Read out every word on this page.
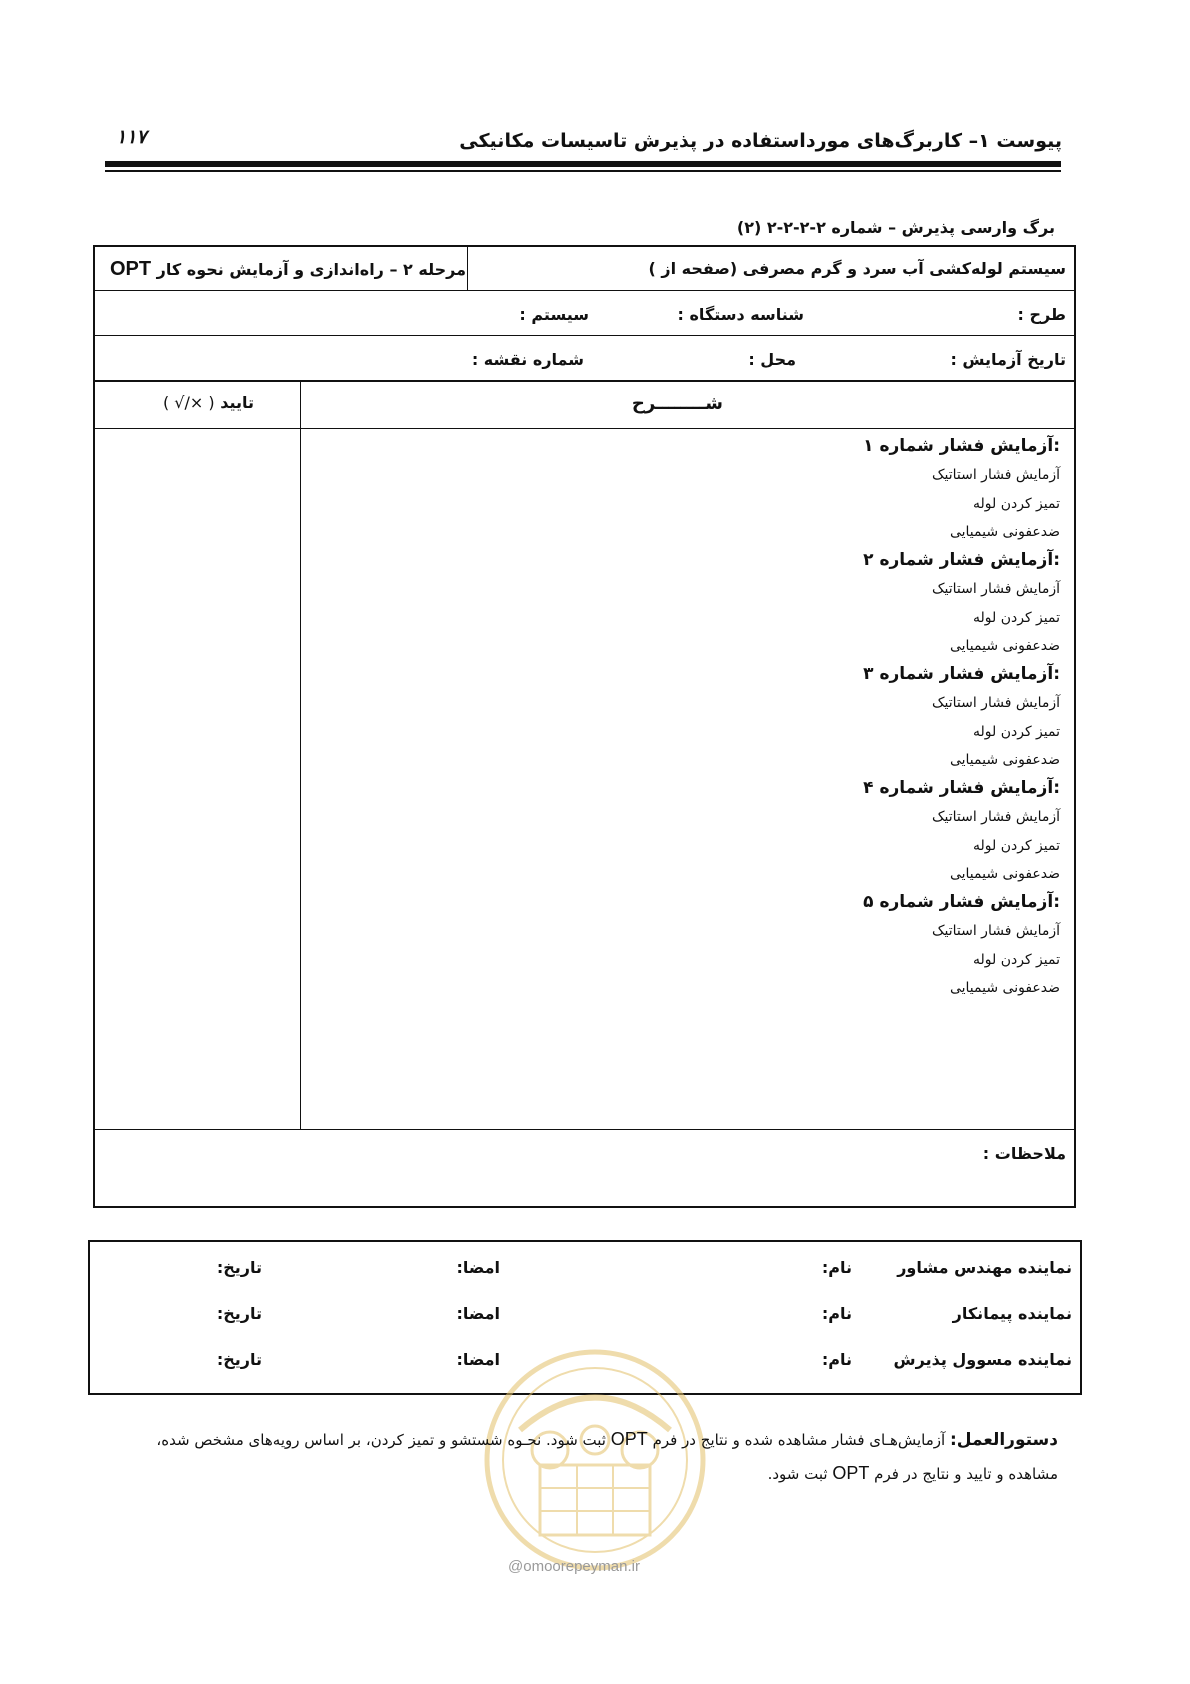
۱۱۷	پیوست ۱– کاربرگ‌های مورداستفاده در پذیرش تاسیسات مکانیکی
برگ وارسی پذیرش – شماره ۲-۲-۲-۲ (۲)
سیستم لوله‌کشی آب سرد و گرم مصرفی (صفحه از )
مرحله ۲ – راه‌اندازی و آزمایش نحوه کار OPT
طرح :
شناسه دستگاه :
سیستم :
تاریخ آزمایش :
محل :
شماره نقشه :
شــــــــرح
تایید ( √/× )
ملاحظات :
آزمایش فشار شماره ۱:
آزمایش فشار استاتیک
تمیز کردن لوله
ضدعفونی شیمیایی
آزمایش فشار شماره ۲:
آزمایش فشار استاتیک
تمیز کردن لوله
ضدعفونی شیمیایی
آزمایش فشار شماره ۳:
آزمایش فشار استاتیک
تمیز کردن لوله
ضدعفونی شیمیایی
آزمایش فشار شماره ۴:
آزمایش فشار استاتیک
تمیز کردن لوله
ضدعفونی شیمیایی
آزمایش فشار شماره ۵:
آزمایش فشار استاتیک
تمیز کردن لوله
ضدعفونی شیمیایی
نماینده مهندس مشاور
نام:
امضا:
تاریخ:
نماینده پیمانکار
نام:
امضا:
تاریخ:
نماینده مسوول پذیرش
نام:
امضا:
تاریخ:
@omoorepeyman.ir
دستورالعمل: آزمایش‌هـای فشار مشاهده شده و نتایج در فرم OPT ثبت شود. نحـوه شستشو و تمیز کردن، بر اساس رویه‌های مشخص شده، مشاهده و تایید و نتایج در فرم OPT ثبت شود.
